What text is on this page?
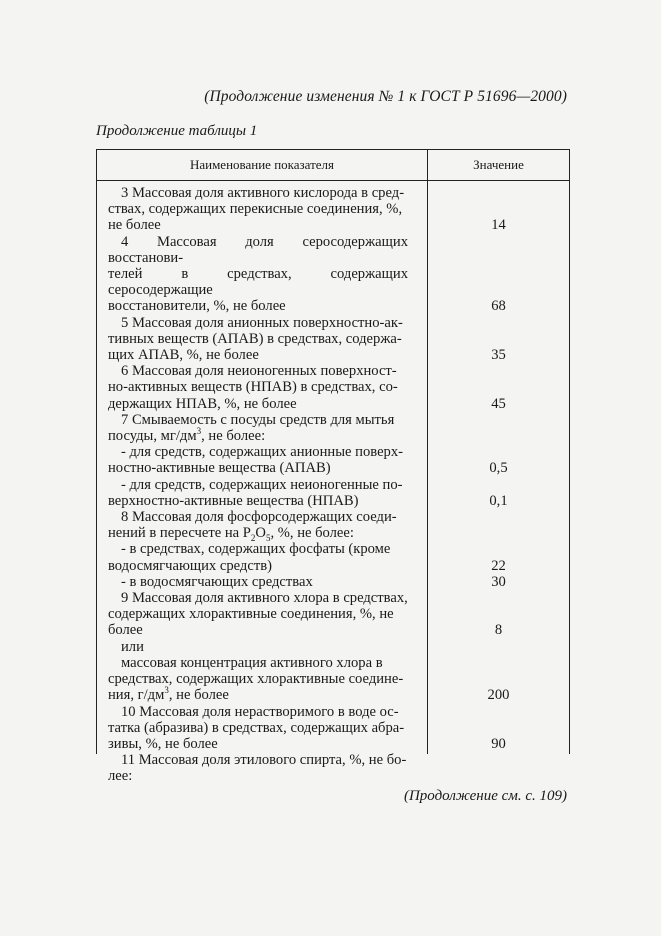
(Продолжение изменения № 1 к ГОСТ Р 51696—2000)
Продолжение таблицы 1
Наименование показателя	Значение
3 Массовая доля активного кислорода в сред-
ствах, содержащих перекисные соединения, %,
не более	14
4 Массовая доля серосодержащих восстанови-
телей в средствах, содержащих серосодержащие
восстановители, %, не более	68
5 Массовая доля анионных поверхностно-ак-
тивных веществ (АПАВ) в средствах, содержа-
щих АПАВ, %, не более	35
6 Массовая доля неионогенных поверхност-
но-активных веществ (НПАВ) в средствах, со-
держащих НПАВ, %, не более	45
7 Смываемость с посуды средств для мытья
посуды, $мг/дм^3$, не более:
- для средств, содержащих анионные поверх-
ностно-активные вещества (АПАВ)	0,5
- для средств, содержащих неионогенные по-
верхностно-активные вещества (НПАВ)	0,1
8 Массовая доля фосфорсодержащих соеди-
нений в пересчете на $P_2O_5$, %, не более:
- в средствах, содержащих фосфаты (кроме
водосмягчающих средств)	22
- в водосмягчающих средствах	30
9 Массовая доля активного хлора в средствах,
содержащих хлорактивные соединения, %, не
более	8
или
массовая концентрация активного хлора в
средствах, содержащих хлорактивные соедине-
ния, $г/дм^3$, не более	200
10 Массовая доля нерастворимого в воде ос-
татка (абразива) в средствах, содержащих абра-
зивы, %, не более	90
11 Массовая доля этилового спирта, %, не бо-
лее:
(Продолжение см. с. 109)
